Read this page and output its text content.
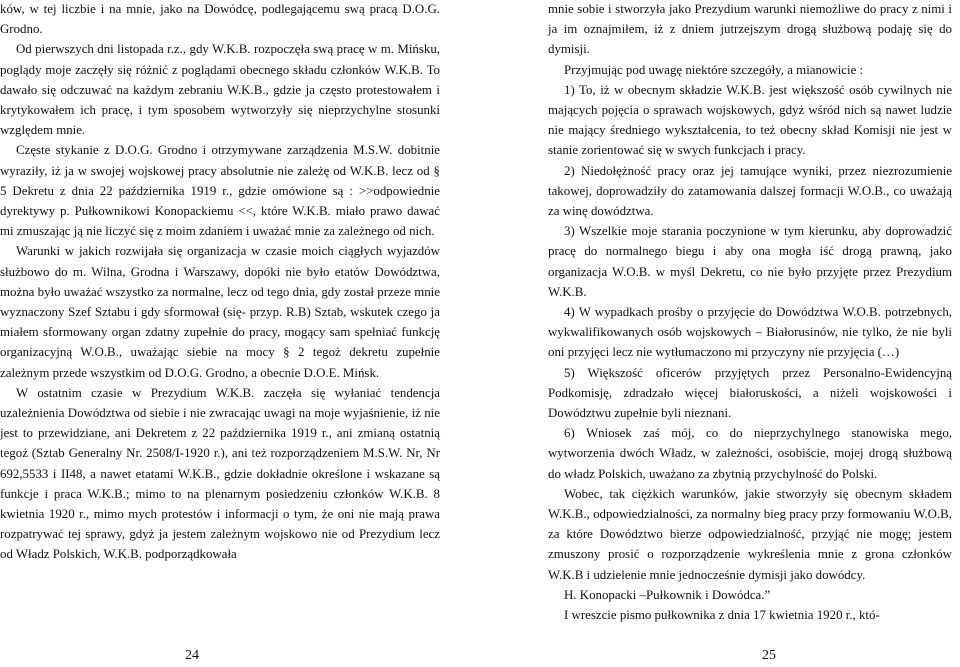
ków, w tej liczbie i na mnie, jako na Dowódcę, podlegającemu swą pracą D.O.G. Grodno.

Od pierwszych dni listopada r.z., gdy W.K.B. rozpoczęła swą pracę w m. Mińsku, poglądy moje zaczęły się różnić z poglądami obecnego składu członków W.K.B. To dawało się odczuwać na każdym zebraniu W.K.B., gdzie ja często protestowałem i krytykowałem ich pracę, i tym sposobem wytworzyły się nieprzychylne stosunki względem mnie.

Częste stykanie z D.O.G. Grodno i otrzymywane zarządzenia M.S.W. dobitnie wyraziły, iż ja w swojej wojskowej pracy absolutnie nie zależę od W.K.B. lecz od § 5 Dekretu z dnia 22 października 1919 r., gdzie omówione są : >>odpowiednie dyrektywy p. Pułkownikowi Konopackiemu <<, które W.K.B. miało prawo dawać mi zmuszając ją nie liczyć się z moim zdaniem i uważać mnie za zależnego od nich.

Warunki w jakich rozwijała się organizacja w czasie moich ciągłych wyjazdów służbowo do m. Wilna, Grodna i Warszawy, dopóki nie było etatów Dowództwa, można było uważać wszystko za normalne, lecz od tego dnia, gdy został przeze mnie wyznaczony Szef Sztabu i gdy sformował (się- przyp. R.B) Sztab, wskutek czego ja miałem sformowany organ zdatny zupełnie do pracy, mogący sam spełniać funkcję organizacyjną W.O.B., uważając siebie na mocy § 2 tegoż dekretu zupełnie zależnym przede wszystkim od D.O.G. Grodno, a obecnie D.O.E. Mińsk.

W ostatnim czasie w Prezydium W.K.B. zaczęła się wyłaniać tendencja uzależnienia Dowództwa od siebie i nie zwracając uwagi na moje wyjaśnienie, iż nie jest to przewidziane, ani Dekretem z 22 października 1919 r., ani zmianą ostatnią tegoż (Sztab Generalny Nr. 2508/I-1920 r.), ani też rozporządzeniem M.S.W. Nr, Nr 692,5533 i II48, a nawet etatami W.K.B., gdzie dokładnie określone i wskazane są funkcje i praca W.K.B.; mimo to na plenarnym posiedzeniu członków W.K.B. 8 kwietnia 1920 r., mimo mych protestów i informacji o tym, że oni nie mają prawa rozpatrywać tej sprawy, gdyż ja jestem zależnym wojskowo nie od Prezydium lecz od Władz Polskich, W.K.B. podporządkowała

24

mnie sobie i stworzyła jako Prezydium warunki niemożliwe do pracy z nimi i ja im oznajmiłem, iż z dniem jutrzejszym drogą służbową podaję się do dymisji.

Przyjmując pod uwagę niektóre szczegóły, a mianowicie :

1) To, iż w obecnym składzie W.K.B. jest większość osób cywilnych nie mających pojęcia o sprawach wojskowych, gdyż wśród nich są nawet ludzie nie mający średniego wykształcenia, to też obecny skład Komisji nie jest w stanie zorientować się w swych funkcjach i pracy.

2) Niedołężność pracy oraz jej tamujące wyniki, przez niezrozumienie takowej, doprowadziły do zatamowania dalszej formacji W.O.B., co uważają za winę dowództwa.

3) Wszelkie moje starania poczynione w tym kierunku, aby doprowadzić pracę do normalnego biegu i aby ona mogła iść drogą prawną, jako organizacja W.O.B. w myśl Dekretu, co nie było przyjęte przez Prezydium W.K.B.

4) W wypadkach prośby o przyjęcie do Dowództwa W.O.B. potrzebnych, wykwalifikowanych osób wojskowych – Białorusinów, nie tylko, że nie byli oni przyjęci lecz nie wytłumaczono mi przyczyny nie przyjęcia (…)

5) Większość oficerów przyjętych przez Personalno-Ewidencyjną Podkomisję, zdradzało więcej białoruskości, a niżeli wojskowości i Dowództwu zupełnie byli nieznani.

6) Wniosek zaś mój, co do nieprzychylnego stanowiska mego, wytworzenia dwóch Władz, w zależności, osobiście, mojej drogą służbową do władz Polskich, uważano za zbytnią przychylność do Polski.

Wobec, tak ciężkich warunków, jakie stworzyły się obecnym składem W.K.B., odpowiedzialności, za normalny bieg pracy przy formowaniu W.O.B, za które Dowództwo bierze odpowiedzialność, przyjąć nie mogę; jestem zmuszony prosić o rozporządzenie wykreślenia mnie z grona członków W.K.B i udzielenie mnie jednocześnie dymisji jako dowódcy.

H. Konopacki –Pułkownik i Dowódca.”

I wreszcie pismo pułkownika z dnia 17 kwietnia 1920 r., któ-

25
